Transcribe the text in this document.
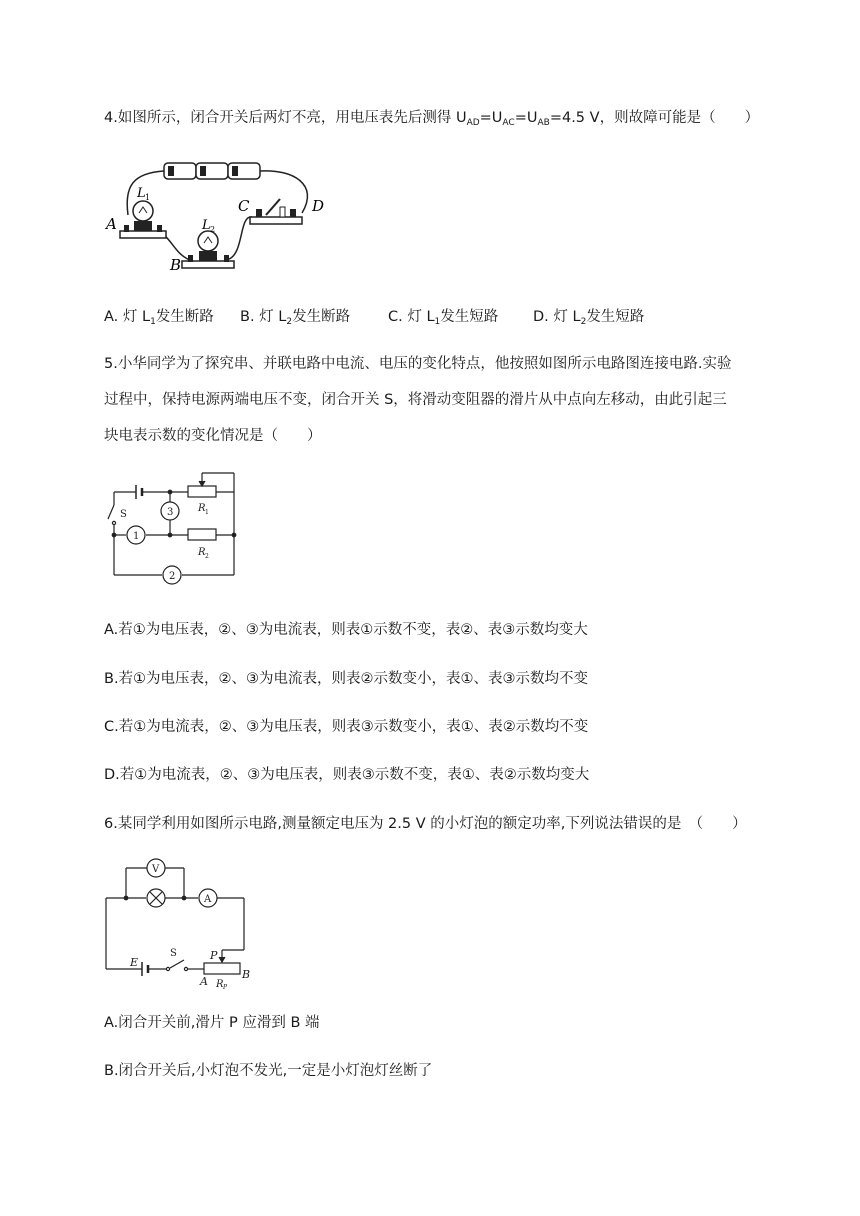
4.如图所示，闭合开关后两灯不亮，用电压表先后测得 $U_{AD}=U_{AC}=U_{AB}=4.5$ V，则故障可能是（　　）
L 1
L 2
A
B
C	D
A. 灯 $L_1$发生断路 B. 灯 $L_2$发生断路	C. 灯 $L_1$发生短路 D. 灯 $L_2$发生短路
5.小华同学为了探究串、并联电路中电流、电压的变化特点，他按照如图所示电路图连接电路.实验
过程中，保持电源两端电压不变，闭合开关 S，将滑动变阻器的滑片从中点向左移动，由此引起三
块电表示数的变化情况是（　　）
S
1
2
3 R 1
R 2
A.若①为电压表，②、③为电流表，则表①示数不变，表②、表③示数均变大
B.若①为电压表，②、③为电流表，则表②示数变小，表①、表③示数均不变
C.若①为电流表，②、③为电压表，则表③示数变小，表①、表②示数均不变
D.若①为电流表，②、③为电压表，则表③示数不变，表①、表②示数均变大
6.某同学利用如图所示电路,测量额定电压为 2.5 V 的小灯泡的额定功率,下列说法错误的是　（　　）
V
A
E
S	P
A
B
R P
A.闭合开关前,滑片 P 应滑到 B 端
B.闭合开关后,小灯泡不发光,一定是小灯泡灯丝断了
